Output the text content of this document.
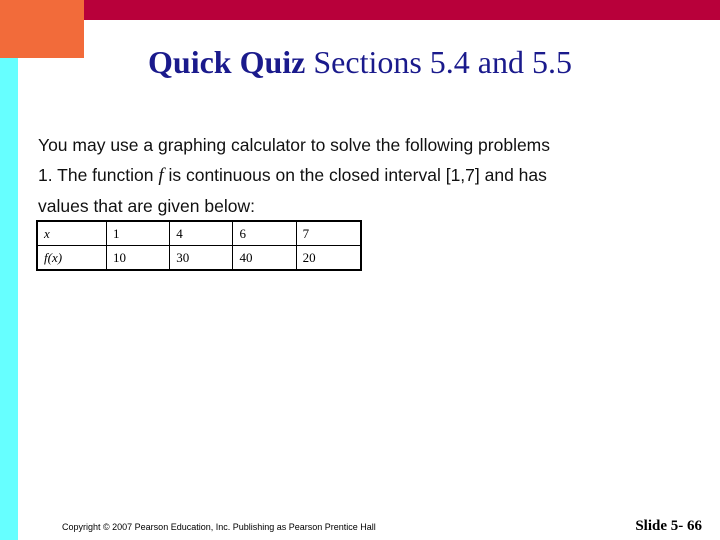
Quick Quiz Sections 5.4 and 5.5
You may use a graphing calculator to solve the following problems
1. The function f is continuous on the closed interval [1,7] and has
values that are given below:
x	1	4	6	7
f(x)	10	30	40	20
Copyright © 2007 Pearson Education, Inc. Publishing as Pearson Prentice Hall	Slide 5- 66
